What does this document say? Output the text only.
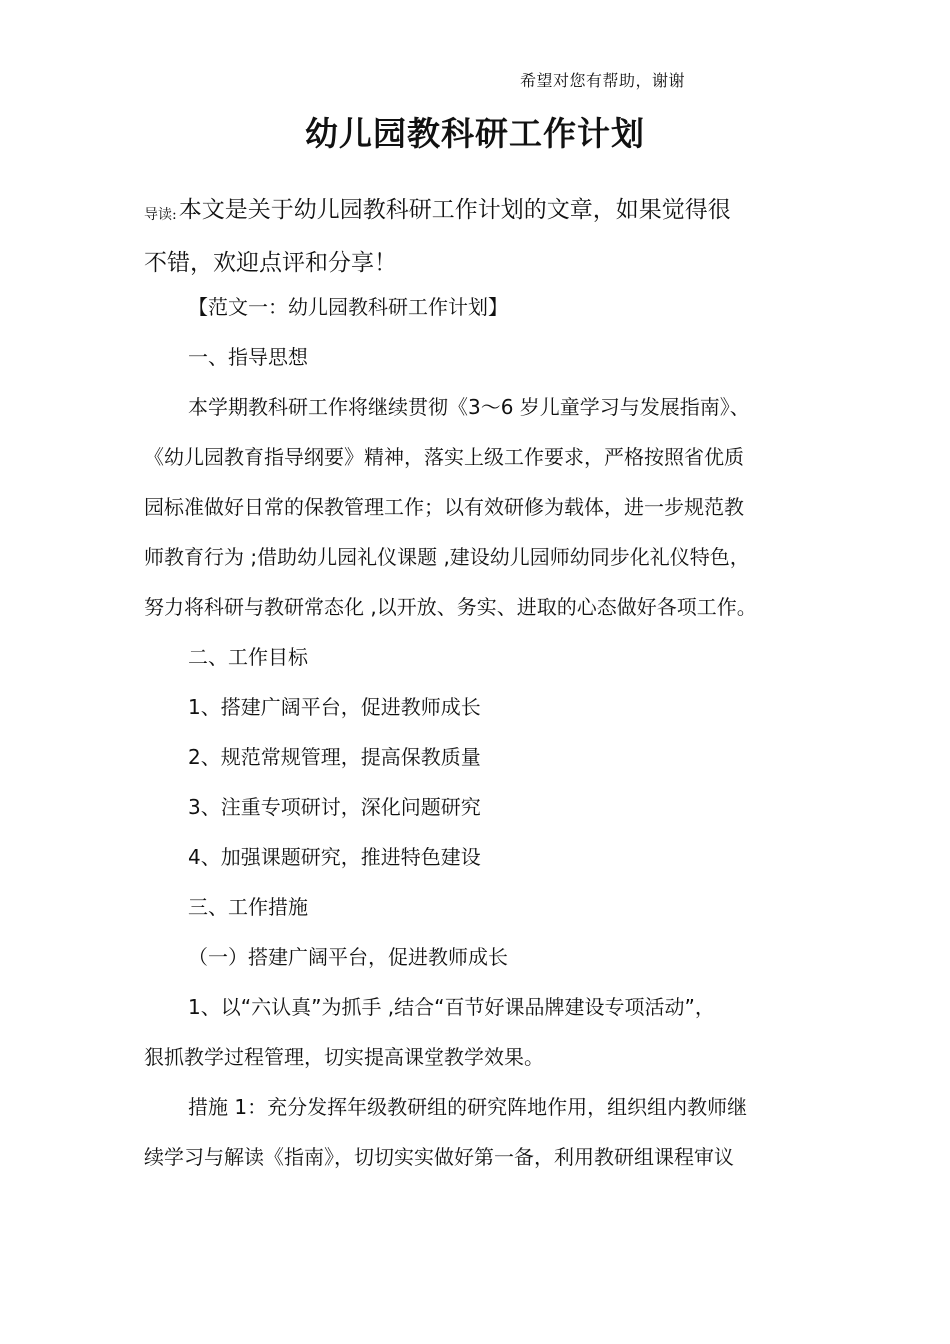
希望对您有帮助，谢谢
幼儿园教科研工作计划
导读:本文是关于幼儿园教科研工作计划的文章，如果觉得很
不错，欢迎点评和分享！
【范文一：幼儿园教科研工作计划】
一、指导思想
本学期教科研工作将继续贯彻《3～6 岁儿童学习与发展指南》、
《幼儿园教育指导纲要》精神，落实上级工作要求，严格按照省优质
园标准做好日常的保教管理工作；以有效研修为载体，进一步规范教
师教育行为 ;借助幼儿园礼仪课题 ,建设幼儿园师幼同步化礼仪特色，
努力将科研与教研常态化 ,以开放、务实、进取的心态做好各项工作。
二、工作目标
1、搭建广阔平台，促进教师成长
2、规范常规管理，提高保教质量
3、注重专项研讨，深化问题研究
4、加强课题研究，推进特色建设
三、工作措施
（一）搭建广阔平台，促进教师成长
1、以“六认真”为抓手 ,结合“百节好课品牌建设专项活动”，
狠抓教学过程管理，切实提高课堂教学效果。
措施 1：充分发挥年级教研组的研究阵地作用，组织组内教师继
续学习与解读《指南》，切切实实做好第一备，利用教研组课程审议
